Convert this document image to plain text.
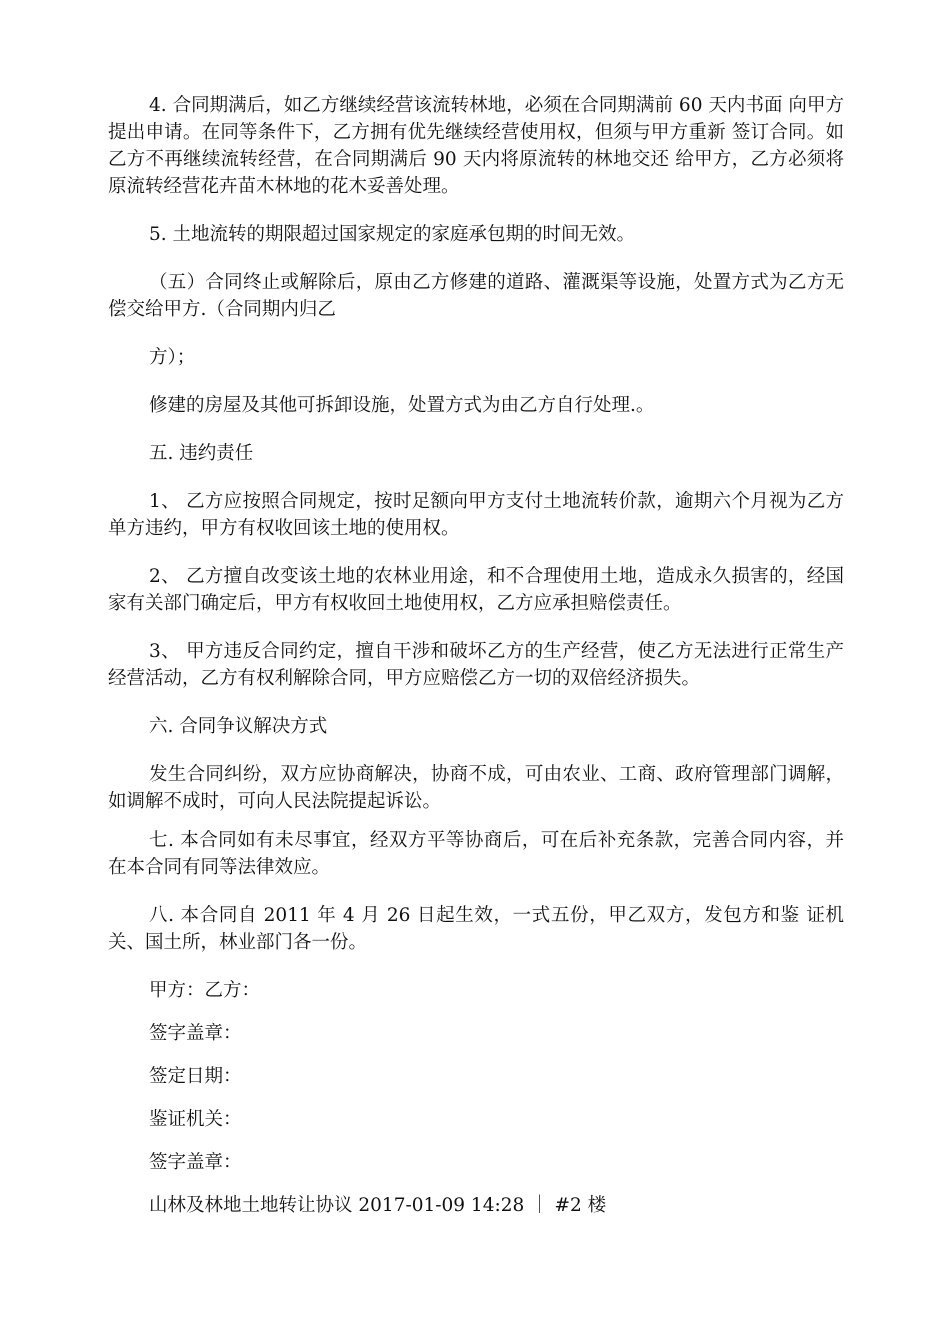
4. 合同期满后，如乙方继续经营该流转林地，必须在合同期满前 60 天内书面 向甲方提出申请。在同等条件下，乙方拥有优先继续经营使用权，但须与甲方重新 签订合同。如乙方不再继续流转经营，在合同期满后 90 天内将原流转的林地交还 给甲方，乙方必须将原流转经营花卉苗木林地的花木妥善处理。

5. 土地流转的期限超过国家规定的家庭承包期的时间无效。

（五）合同终止或解除后，原由乙方修建的道路、灌溉渠等设施，处置方式为乙方无偿交给甲方.（合同期内归乙

方）；

修建的房屋及其他可拆卸设施，处置方式为由乙方自行处理.。

五. 违约责任

1、 乙方应按照合同规定，按时足额向甲方支付土地流转价款，逾期六个月视为乙方单方违约，甲方有权收回该土地的使用权。

2、 乙方擅自改变该土地的农林业用途，和不合理使用土地，造成永久损害的，经国家有关部门确定后，甲方有权收回土地使用权，乙方应承担赔偿责任。

3、 甲方违反合同约定，擅自干涉和破坏乙方的生产经营，使乙方无法进行正常生产经营活动，乙方有权利解除合同，甲方应赔偿乙方一切的双倍经济损失。

六. 合同争议解决方式

发生合同纠纷，双方应协商解决，协商不成，可由农业、工商、政府管理部门调解，如调解不成时，可向人民法院提起诉讼。

七. 本合同如有未尽事宜，经双方平等协商后，可在后补充条款，完善合同内容，并在本合同有同等法律效应。

八. 本合同自 2011 年 4 月 26 日起生效，一式五份，甲乙双方，发包方和鉴 证机关、国土所，林业部门各一份。

甲方：乙方：
签字盖章：
签定日期：
鉴证机关：
签字盖章：
山林及林地土地转让协议 2017-01-09 14:28 ｜ #2 楼
